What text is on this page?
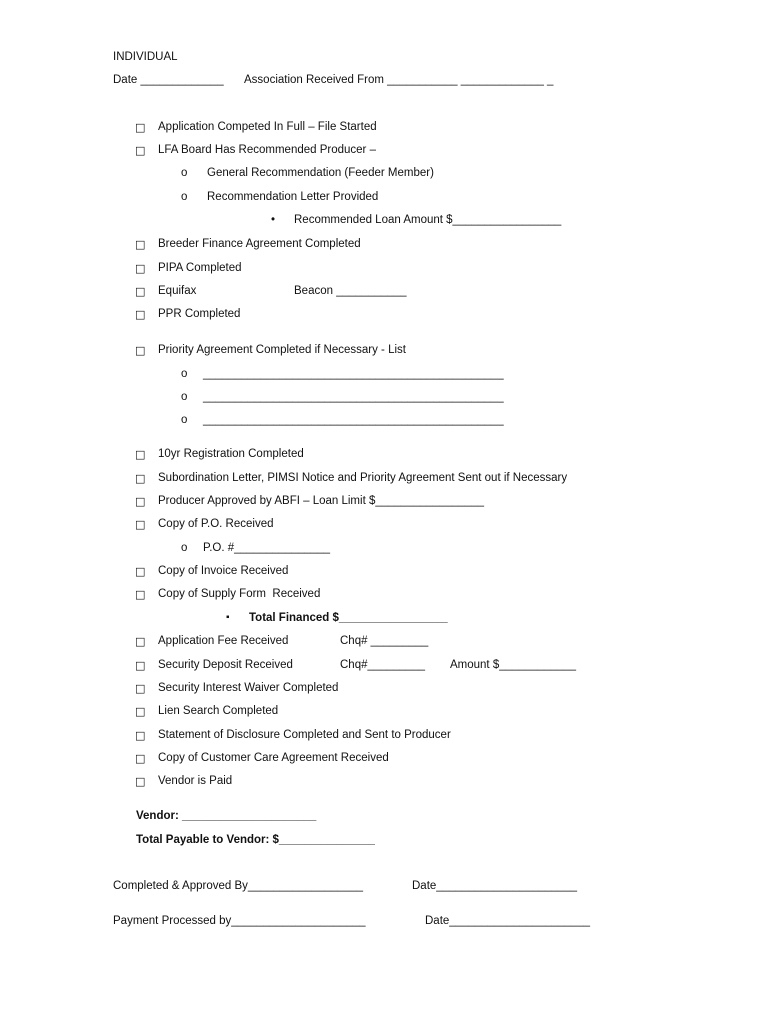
INDIVIDUAL
Date _____________ Association Received From ___________ _____________ _
□ Application Competed In Full – File Started
□ LFA Board Has Recommended Producer –
o General Recommendation (Feeder Member)
o Recommendation Letter Provided
• Recommended Loan Amount $_________________
□ Breeder Finance Agreement Completed
□ PIPA Completed
□ Equifax	Beacon ___________
□ PPR Completed
□ Priority Agreement Completed if Necessary - List
o _______________________________________________
o _______________________________________________
o _______________________________________________
□ 10yr Registration Completed
□ Subordination Letter, PIMSI Notice and Priority Agreement Sent out if Necessary
□ Producer Approved by ABFI – Loan Limit $_________________
□ Copy of P.O. Received
o P.O. #_______________
□ Copy of Invoice Received
□ Copy of Supply Form  Received
▪ Total Financed $_________________
□ Application Fee Received	Chq# _________
□ Security Deposit Received	Chq#_________ Amount $____________
□ Security Interest Waiver Completed
□ Lien Search Completed
□ Statement of Disclosure Completed and Sent to Producer
□ Copy of Customer Care Agreement Received
□ Vendor is Paid
Vendor: _____________________
Total Payable to Vendor: $_______________
Completed & Approved By__________________	Date______________________
Payment Processed by_____________________	Date______________________
